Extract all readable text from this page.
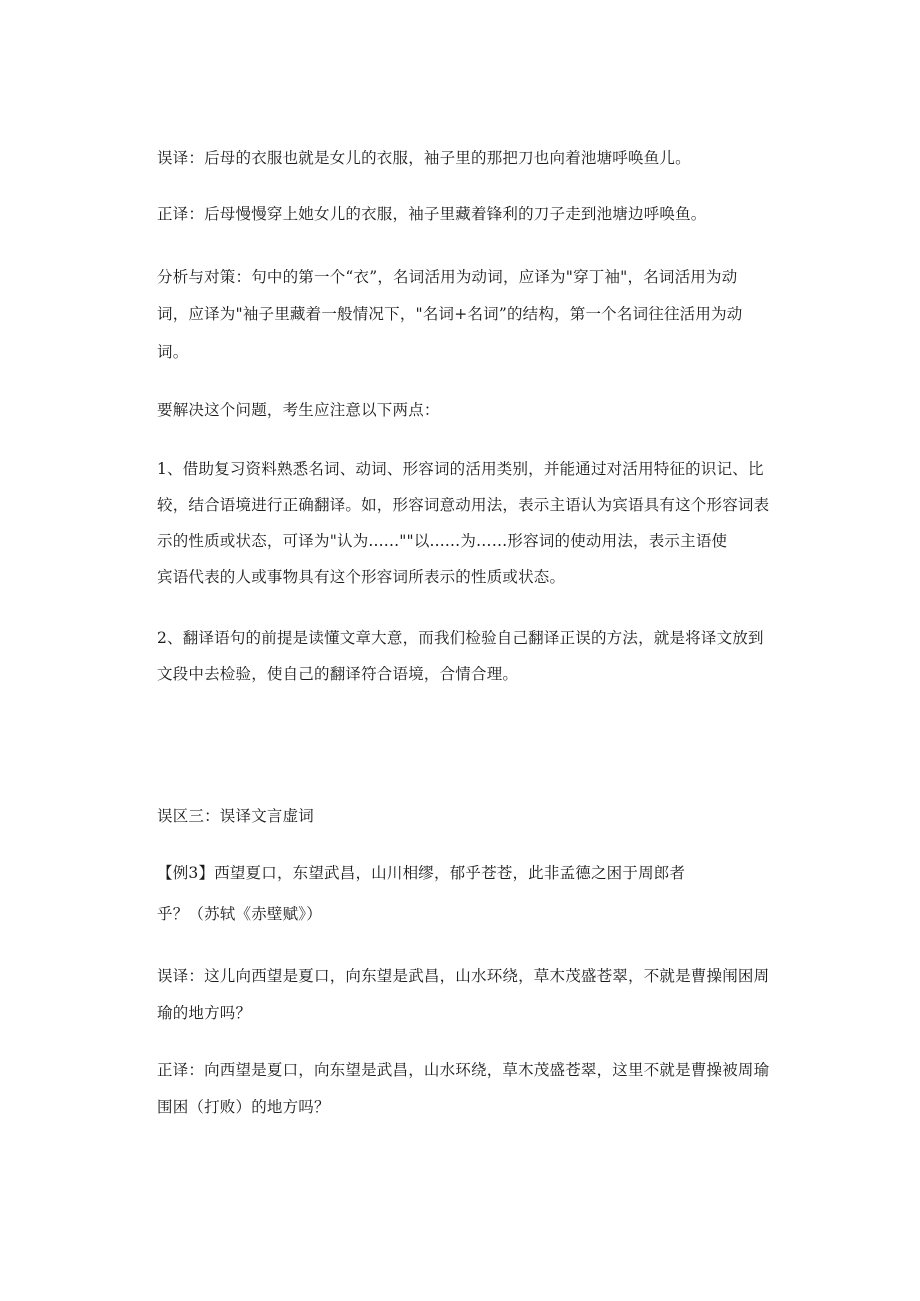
误译：后母的衣服也就是女儿的衣服，袖子里的那把刀也向着池塘呼唤鱼儿。
正译：后母慢慢穿上她女儿的衣服，袖子里藏着锋利的刀子走到池塘边呼唤鱼。
分析与对策：句中的第一个“衣”，名词活用为动词，应译为"穿丁袖"，名词活用为动
词，应译为"袖子里藏着一般情况下，"名词+名词”的结构，第一个名词往往活用为动
词。
要解决这个问题，考生应注意以下两点：
1、借助复习资料熟悉名词、动词、形容词的活用类别，并能通过对活用特征的识记、比
较，结合语境进行正确翻译。如，形容词意动用法，表示主语认为宾语具有这个形容词表
示的性质或状态，可译为"认为......""以......为……形容词的使动用法，表示主语使
宾语代表的人或事物具有这个形容词所表示的性质或状态。
2、翻译语句的前提是读懂文章大意，而我们检验自己翻译正误的方法，就是将译文放到
文段中去检验，使自己的翻译符合语境，合情合理。
误区三：误译文言虚词
【例3】西望夏口，东望武昌，山川相缪，郁乎苍苍，此非孟德之困于周郎者
乎？（苏轼《赤壁赋》）
误译：这儿向西望是夏口，向东望是武昌，山水环绕，草木茂盛苍翠，不就是曹操闱困周
瑜的地方吗？
正译：向西望是夏口，向东望是武昌，山水环绕，草木茂盛苍翠，这里不就是曹操被周瑜
围困（打败）的地方吗？
